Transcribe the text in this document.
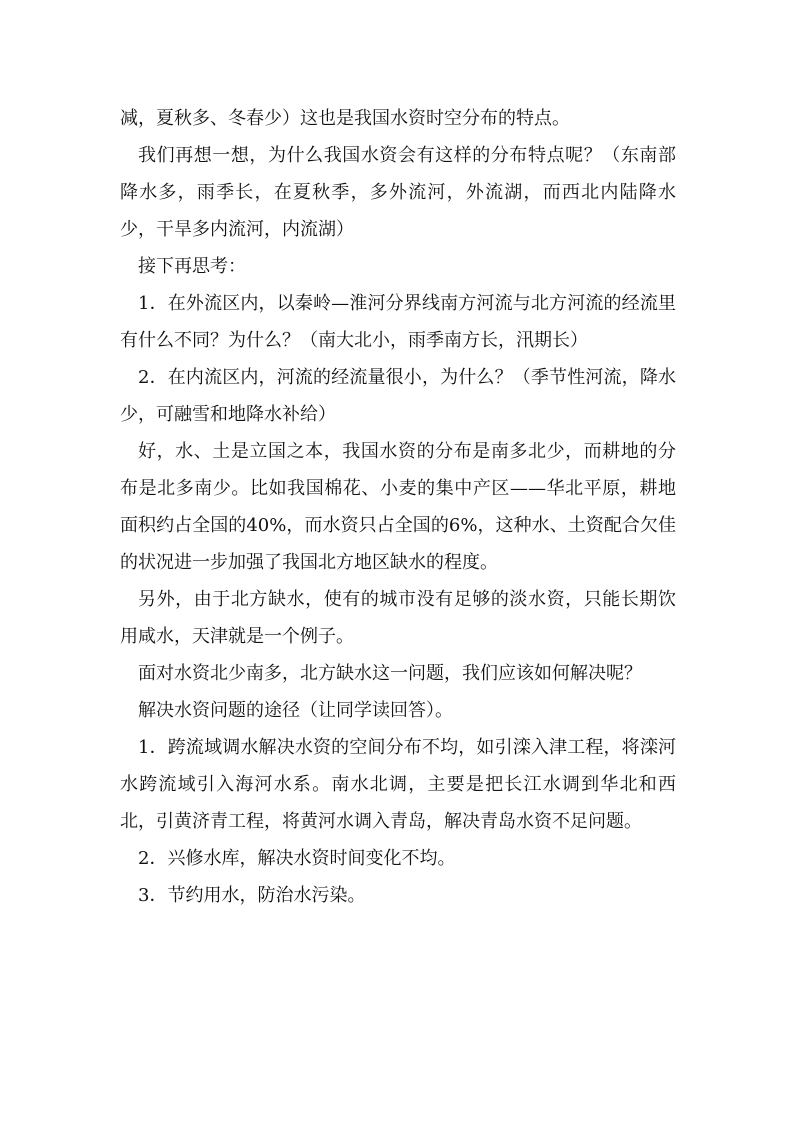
减，夏秋多、冬春少）这也是我国水资时空分布的特点。

我们再想一想，为什么我国水资会有这样的分布特点呢？（东南部降水多，雨季长，在夏秋季，多外流河，外流湖，而西北内陆降水少，干旱多内流河，内流湖）

接下再思考：

1．在外流区内，以秦岭—淮河分界线南方河流与北方河流的经流里有什么不同？为什么？（南大北小，雨季南方长，汛期长）

2．在内流区内，河流的经流量很小，为什么？（季节性河流，降水少，可融雪和地降水补给）

好，水、土是立国之本，我国水资的分布是南多北少，而耕地的分布是北多南少。比如我国棉花、小麦的集中产区——华北平原，耕地面积约占全国的40%，而水资只占全国的6%，这种水、土资配合欠佳的状况进一步加强了我国北方地区缺水的程度。

另外，由于北方缺水，使有的城市没有足够的淡水资，只能长期饮用咸水，天津就是一个例子。

面对水资北少南多，北方缺水这一问题，我们应该如何解决呢？

解决水资问题的途径（让同学读回答）。

1．跨流域调水解决水资的空间分布不均，如引滦入津工程，将滦河水跨流域引入海河水系。南水北调，主要是把长江水调到华北和西北，引黄济青工程，将黄河水调入青岛，解决青岛水资不足问题。

2．兴修水库，解决水资时间变化不均。

3．节约用水，防治水污染。
